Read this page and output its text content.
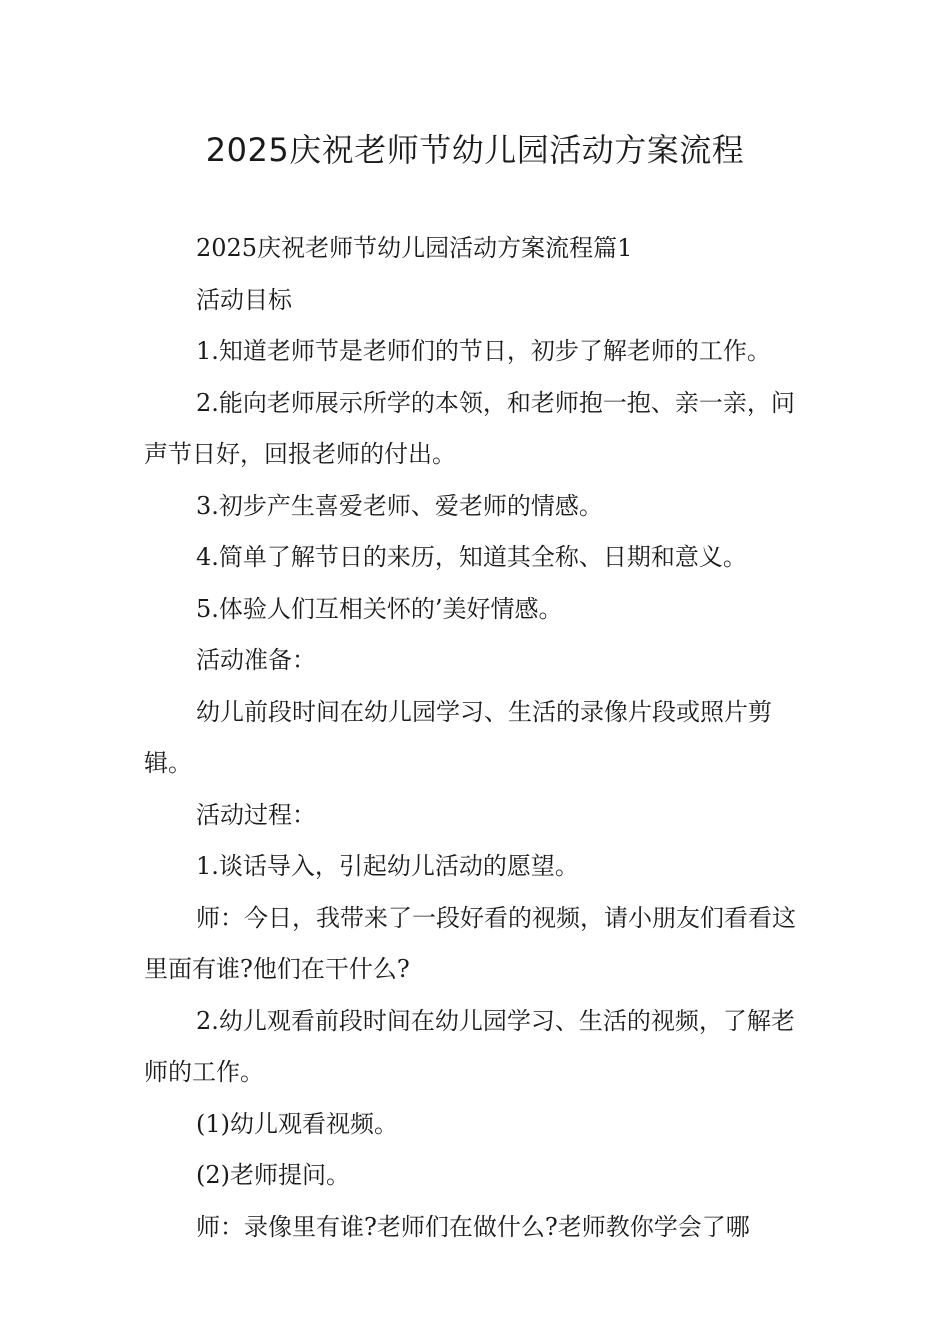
2025庆祝老师节幼儿园活动方案流程

2025庆祝老师节幼儿园活动方案流程篇1

活动目标

1.知道老师节是老师们的节日，初步了解老师的工作。

2.能向老师展示所学的本领，和老师抱一抱、亲一亲，问声节日好，回报老师的付出。

3.初步产生喜爱老师、爱老师的情感。

4.简单了解节日的来历，知道其全称、日期和意义。

5.体验人们互相关怀的’美好情感。

活动准备：

幼儿前段时间在幼儿园学习、生活的录像片段或照片剪辑。

活动过程：

1.谈话导入，引起幼儿活动的愿望。

师：今日，我带来了一段好看的视频，请小朋友们看看这里面有谁?他们在干什么?

2.幼儿观看前段时间在幼儿园学习、生活的视频，了解老师的工作。

(1)幼儿观看视频。

(2)老师提问。

师：录像里有谁?老师们在做什么?老师教你学会了哪
